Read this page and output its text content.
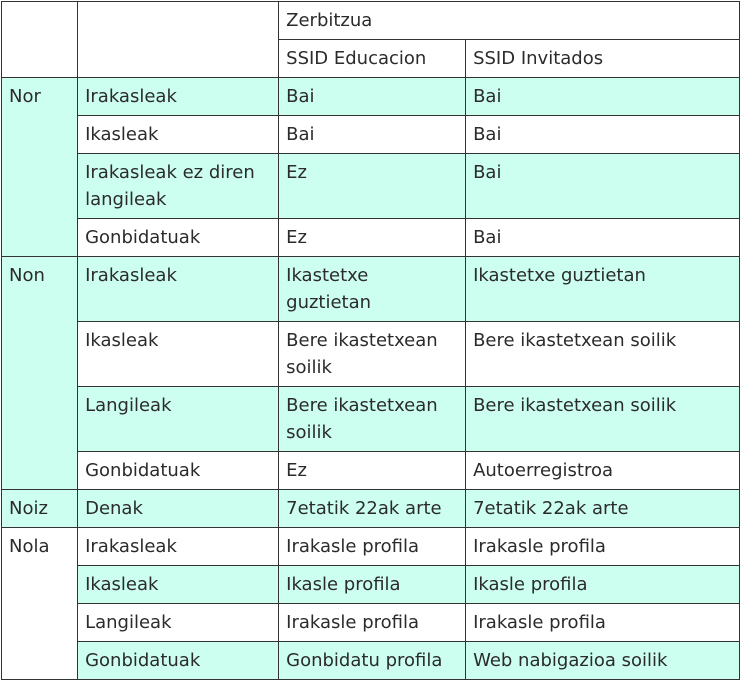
		Zerbitzua	
		SSID Educacion	SSID Invitados
Nor	Irakasleak	Bai	Bai
	Ikasleak	Bai	Bai
	Irakasleak ez diren langileak	Ez	Bai
	Gonbidatuak	Ez	Bai
Non	Irakasleak	Ikastetxe guztietan	Ikastetxe guztietan
	Ikasleak	Bere ikastetxean soilik	Bere ikastetxean soilik
	Langileak	Bere ikastetxean soilik	Bere ikastetxean soilik
	Gonbidatuak	Ez	Autoerregistroa
Noiz	Denak	7etatik 22ak arte	7etatik 22ak arte
Nola	Irakasleak	Irakasle profila	Irakasle profila
	Ikasleak	Ikasle profila	Ikasle profila
	Langileak	Irakasle profila	Irakasle profila
	Gonbidatuak	Gonbidatu profila	Web nabigazioa soilik
